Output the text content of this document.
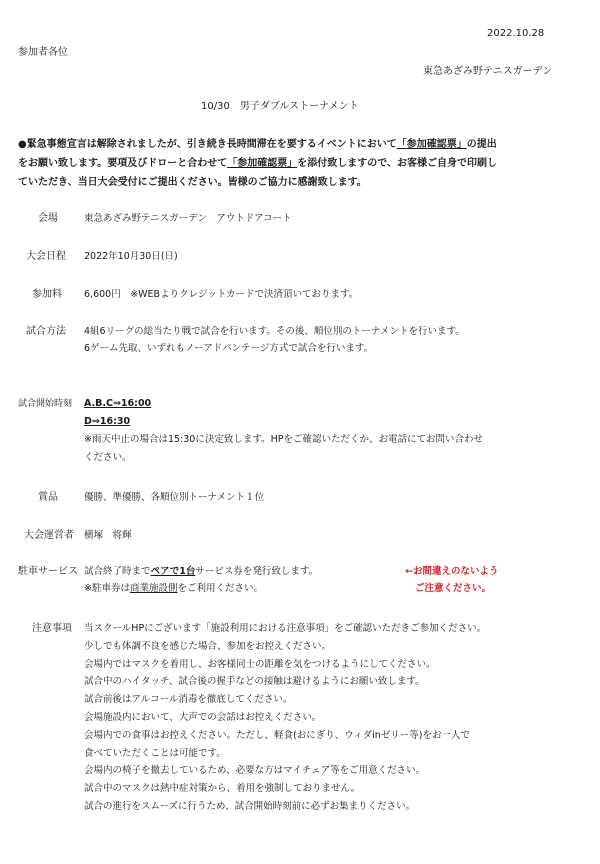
2022.10.28
参加者各位
東急あざみ野テニスガーデン
10/30　男子ダブルストーナメント
●緊急事態宣言は解除されましたが、引き続き長時間滞在を要するイベントにおいて「参加確認票」の提出
をお願い致します。要項及びドローと合わせて「参加確認票」を添付致しますので、お客様ご自身で印刷し
ていただき、当日大会受付にご提出ください。皆様のご協力に感謝致します。
会場	東急あざみ野テニスガーデン　アウトドアコート
大会日程 2022年10月30日(日)
参加料 6,600円　※WEBよりクレジットカードで決済頂いております。
試合方法 4組6リーグの総当たり戦で試合を行います。その後、順位別のトーナメントを行います。
6ゲーム先取、いずれもノーアドバンテージ方式で試合を行います。
試合開始時刻 A.B.C⇒16:00
D⇒16:30
※雨天中止の場合は15:30に決定致します。HPをご確認いただくか、お電話にてお問い合わせ
ください。
賞品	優勝、準優勝、各順位別トーナメント１位
大会運営者 横塚　将輝
駐車サービス 試合終了時までペアで1台サービス券を発行致します。
※駐車券は商業施設側をご利用ください。
←お間違えのないよう
ご注意ください。
注意事項 当スクールHPにございます「施設利用における注意事項」をご確認いただきご参加ください。
少しでも体調不良を感じた場合、参加をお控えください。
会場内ではマスクを着用し、お客様同士の距離を気をつけるようにしてください。
試合中のハイタッチ、試合後の握手などの接触は避けるようにお願い致します。
試合前後はアルコール消毒を徹底してください。
会場施設内において、大声での会話はお控えください。
会場内での食事はお控えください。ただし、軽食(おにぎり、ウィダinゼリー等)をお一人で
食べていただくことは可能です。
会場内の椅子を撤去しているため、必要な方はマイチェア等をご用意ください。
試合中のマスクは熱中症対策から、着用を強制しておりません。
試合の進行をスムーズに行うため、試合開始時刻前に必ずお集まりください。
